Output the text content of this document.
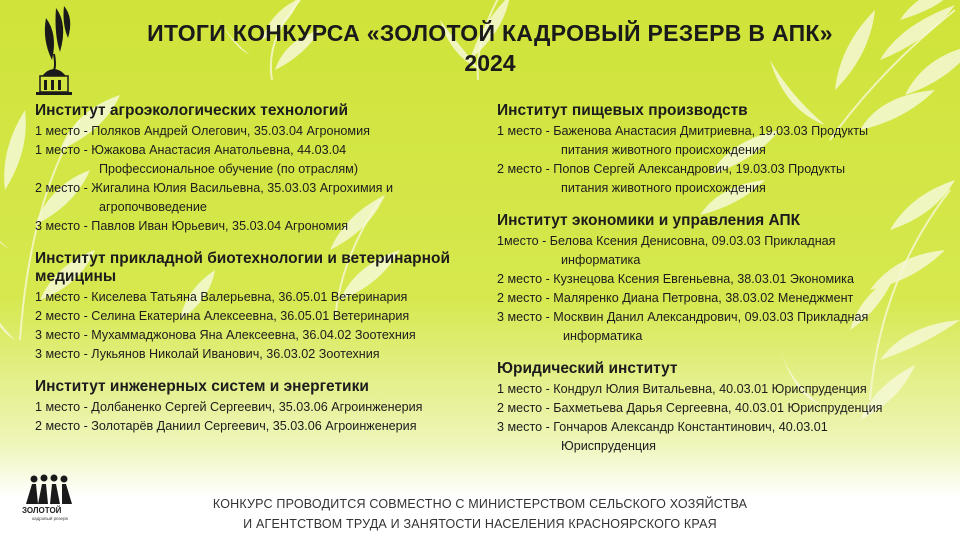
ИТОГИ КОНКУРСА «ЗОЛОТОЙ КАДРОВЫЙ РЕЗЕРВ В АПК»
2024
Институт агроэкологических технологий

1 место - Поляков Андрей Олегович, 35.03.04 Агрономия

1 место - Южакова Анастасия Анатольевна, 44.03.04
Профессиональное обучение (по отраслям)

2 место - Жигалина Юлия Васильевна, 35.03.03 Агрохимия и
агропочвоведение

3 место - Павлов Иван Юрьевич, 35.03.04 Агрономия

Институт прикладной биотехнологии и ветеринарной медицины

1 место - Киселева Татьяна Валерьевна, 36.05.01 Ветеринария

2 место - Селина Екатерина Алексеевна, 36.05.01 Ветеринария

3 место - Мухаммаджонова Яна Алексеевна, 36.04.02 Зоотехния

3 место - Лукьянов Николай Иванович, 36.03.02 Зоотехния

Институт инженерных систем и энергетики

1 место - Долбаненко Сергей Сергеевич, 35.03.06 Агроинженерия

2 место - Золотарёв Даниил Сергеевич, 35.03.06 Агроинженерия

Институт пищевых производств

1 место - Баженова Анастасия Дмитриевна, 19.03.03 Продукты
питания животного происхождения

2 место - Попов Сергей Александрович, 19.03.03 Продукты
питания животного происхождения

Институт экономики и управления АПК

1место - Белова Ксения Денисовна, 09.03.03 Прикладная
информатика

2 место - Кузнецова Ксения Евгеньевна, 38.03.01 Экономика

2 место - Маляренко Диана Петровна, 38.03.02 Менеджмент

3 место - Москвин Данил Александрович, 09.03.03 Прикладная
информатика

Юридический институт

1 место - Кондрул Юлия Витальевна, 40.03.01 Юриспруденция

2 место - Бахметьева Дарья Сергеевна, 40.03.01 Юриспруденция

3 место - Гончаров Александр Константинович, 40.03.01
Юриспруденция

ЗОЛОТОЙ
кадровый резерв
КОНКУРС ПРОВОДИТСЯ СОВМЕСТНО С МИНИСТЕРСТВОМ СЕЛЬСКОГО ХОЗЯЙСТВА
И АГЕНТСТВОМ ТРУДА И ЗАНЯТОСТИ НАСЕЛЕНИЯ КРАСНОЯРСКОГО КРАЯ
